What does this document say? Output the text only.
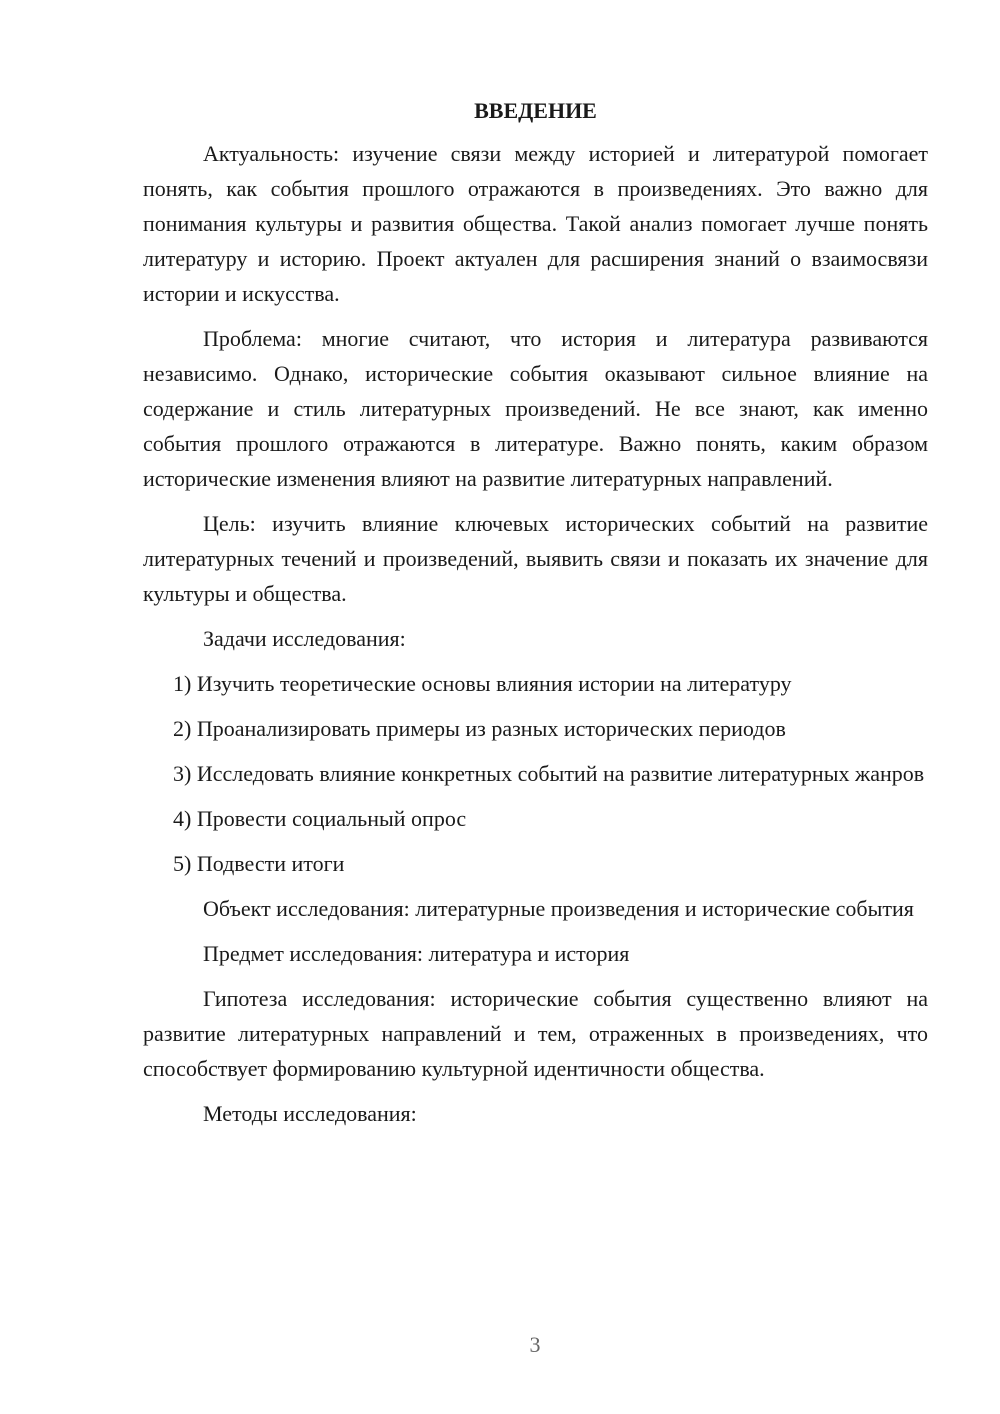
ВВЕДЕНИЕ

Актуальность: изучение связи между историей и литературой помогает понять, как события прошлого отражаются в произведениях. Это важно для понимания культуры и развития общества. Такой анализ помогает лучше понять литературу и историю. Проект актуален для расширения знаний о взаимосвязи истории и искусства.

Проблема: многие считают, что история и литература развиваются независимо. Однако, исторические события оказывают сильное влияние на содержание и стиль литературных произведений. Не все знают, как именно события прошлого отражаются в литературе. Важно понять, каким образом исторические изменения влияют на развитие литературных направлений.

Цель: изучить влияние ключевых исторических событий на развитие литературных течений и произведений, выявить связи и показать их значение для культуры и общества.

Задачи исследования:

1) Изучить теоретические основы влияния истории на литературу

2) Проанализировать примеры из разных исторических периодов

3) Исследовать влияние конкретных событий на развитие литературных жанров

4) Провести социальный опрос

5) Подвести итоги

Объект исследования: литературные произведения и исторические события

Предмет исследования: литература и история

Гипотеза исследования: исторические события существенно влияют на развитие литературных направлений и тем, отраженных в произведениях, что способствует формированию культурной идентичности общества.

Методы исследования:

3
